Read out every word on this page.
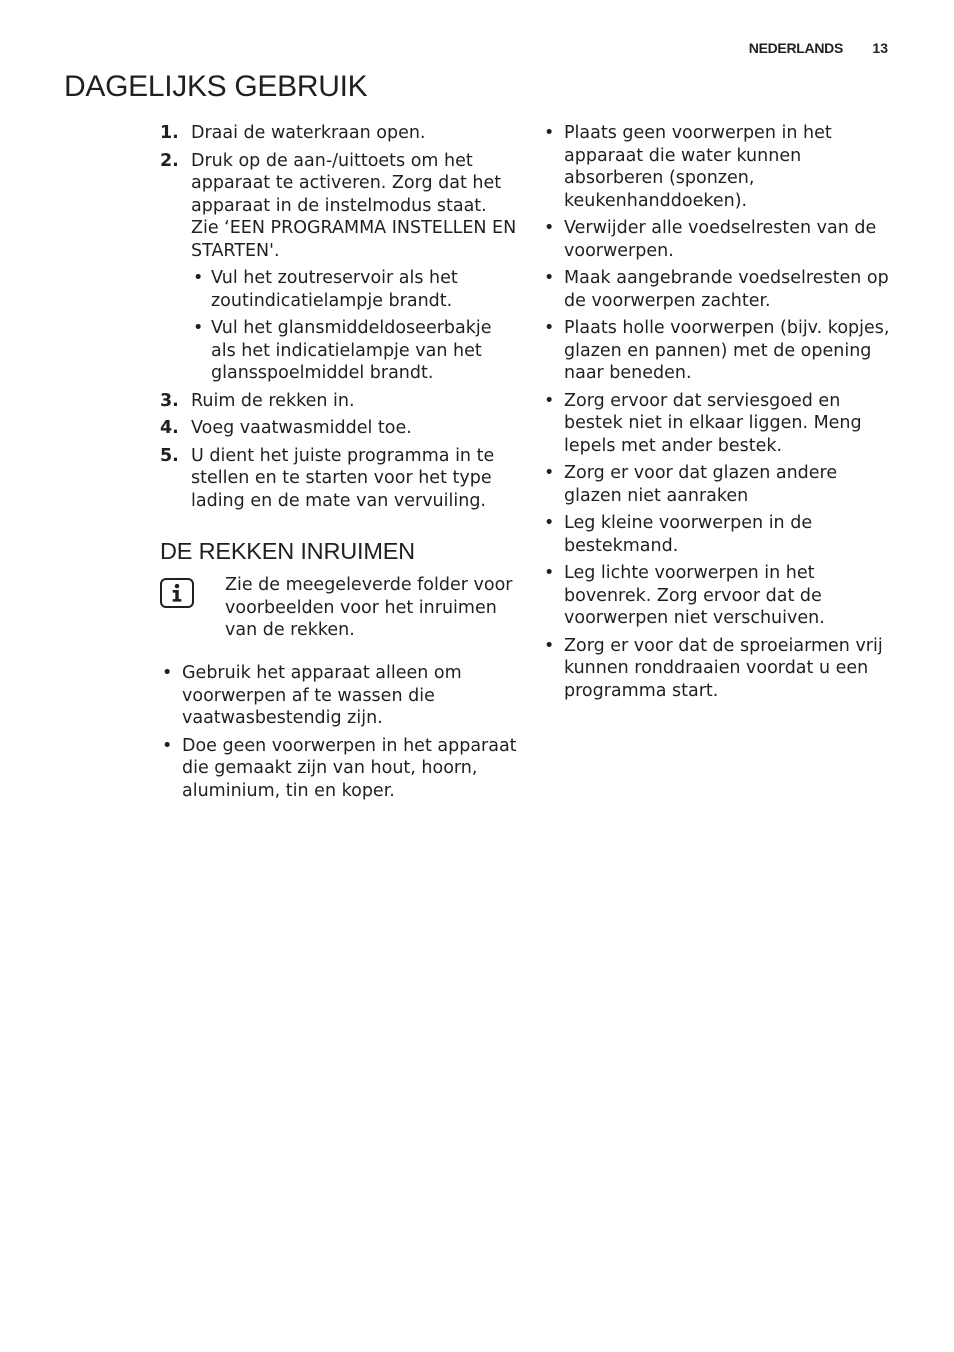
NEDERLANDS 13
DAGELIJKS GEBRUIK
1. Draai de waterkraan open.
2. Druk op de aan-/uittoets om het apparaat te activeren. Zorg dat het apparaat in de instelmodus staat. Zie ‘EEN PROGRAMMA INSTELLEN EN STARTEN'.
• Vul het zoutreservoir als het zoutindicatielampje brandt.
• Vul het glansmiddeldoseerbakje als het indicatielampje van het glansspoelmiddel brandt.
3. Ruim de rekken in.
4. Voeg vaatwasmiddel toe.
5. U dient het juiste programma in te stellen en te starten voor het type lading en de mate van vervuiling.
DE REKKEN INRUIMEN
Zie de meegeleverde folder voor voorbeelden voor het inruimen van de rekken.
• Gebruik het apparaat alleen om voorwerpen af te wassen die vaatwasbestendig zijn.
• Doe geen voorwerpen in het apparaat die gemaakt zijn van hout, hoorn, aluminium, tin en koper.
• Plaats geen voorwerpen in het apparaat die water kunnen absorberen (sponzen, keukenhanddoeken).
• Verwijder alle voedselresten van de voorwerpen.
• Maak aangebrande voedselresten op de voorwerpen zachter.
• Plaats holle voorwerpen (bijv. kopjes, glazen en pannen) met de opening naar beneden.
• Zorg ervoor dat serviesgoed en bestek niet in elkaar liggen. Meng lepels met ander bestek.
• Zorg er voor dat glazen andere glazen niet aanraken
• Leg kleine voorwerpen in de bestekmand.
• Leg lichte voorwerpen in het bovenrek. Zorg ervoor dat de voorwerpen niet verschuiven.
• Zorg er voor dat de sproeiarmen vrij kunnen ronddraaien voordat u een programma start.
